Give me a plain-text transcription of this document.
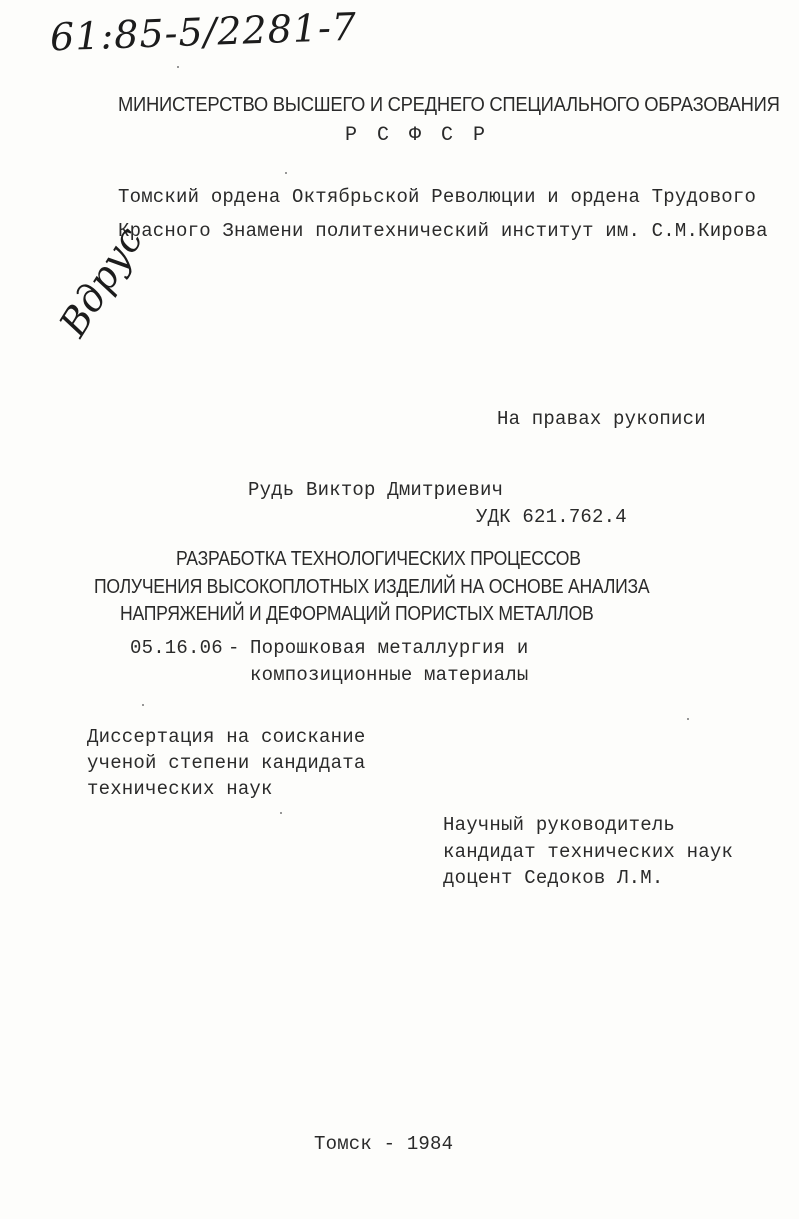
61:85-5/2281-7
МИНИСТЕРСТВО ВЫСШЕГО И СРЕДНЕГО СПЕЦИАЛЬНОГО ОБРАЗОВАНИЯ
Р С Ф С Р
Томский ордена Октябрьской Революции и ордена Трудового
Красного Знамени политехнический институт им. С.М.Кирова
Вдрус
На правах рукописи
Рудь Виктор Дмитриевич
УДК 621.762.4
РАЗРАБОТКА ТЕХНОЛОГИЧЕСКИХ ПРОЦЕССОВ
ПОЛУЧЕНИЯ ВЫСОКОПЛОТНЫХ ИЗДЕЛИЙ НА ОСНОВЕ АНАЛИЗА
НАПРЯЖЕНИЙ И ДЕФОРМАЦИЙ ПОРИСТЫХ МЕТАЛЛОВ
05.16.06 - Порошковая металлургия и
композиционные материалы
Диссертация на соискание
ученой степени кандидата
технических наук
Научный руководитель
кандидат технических наук
доцент Седоков Л.М.
Томск - 1984
